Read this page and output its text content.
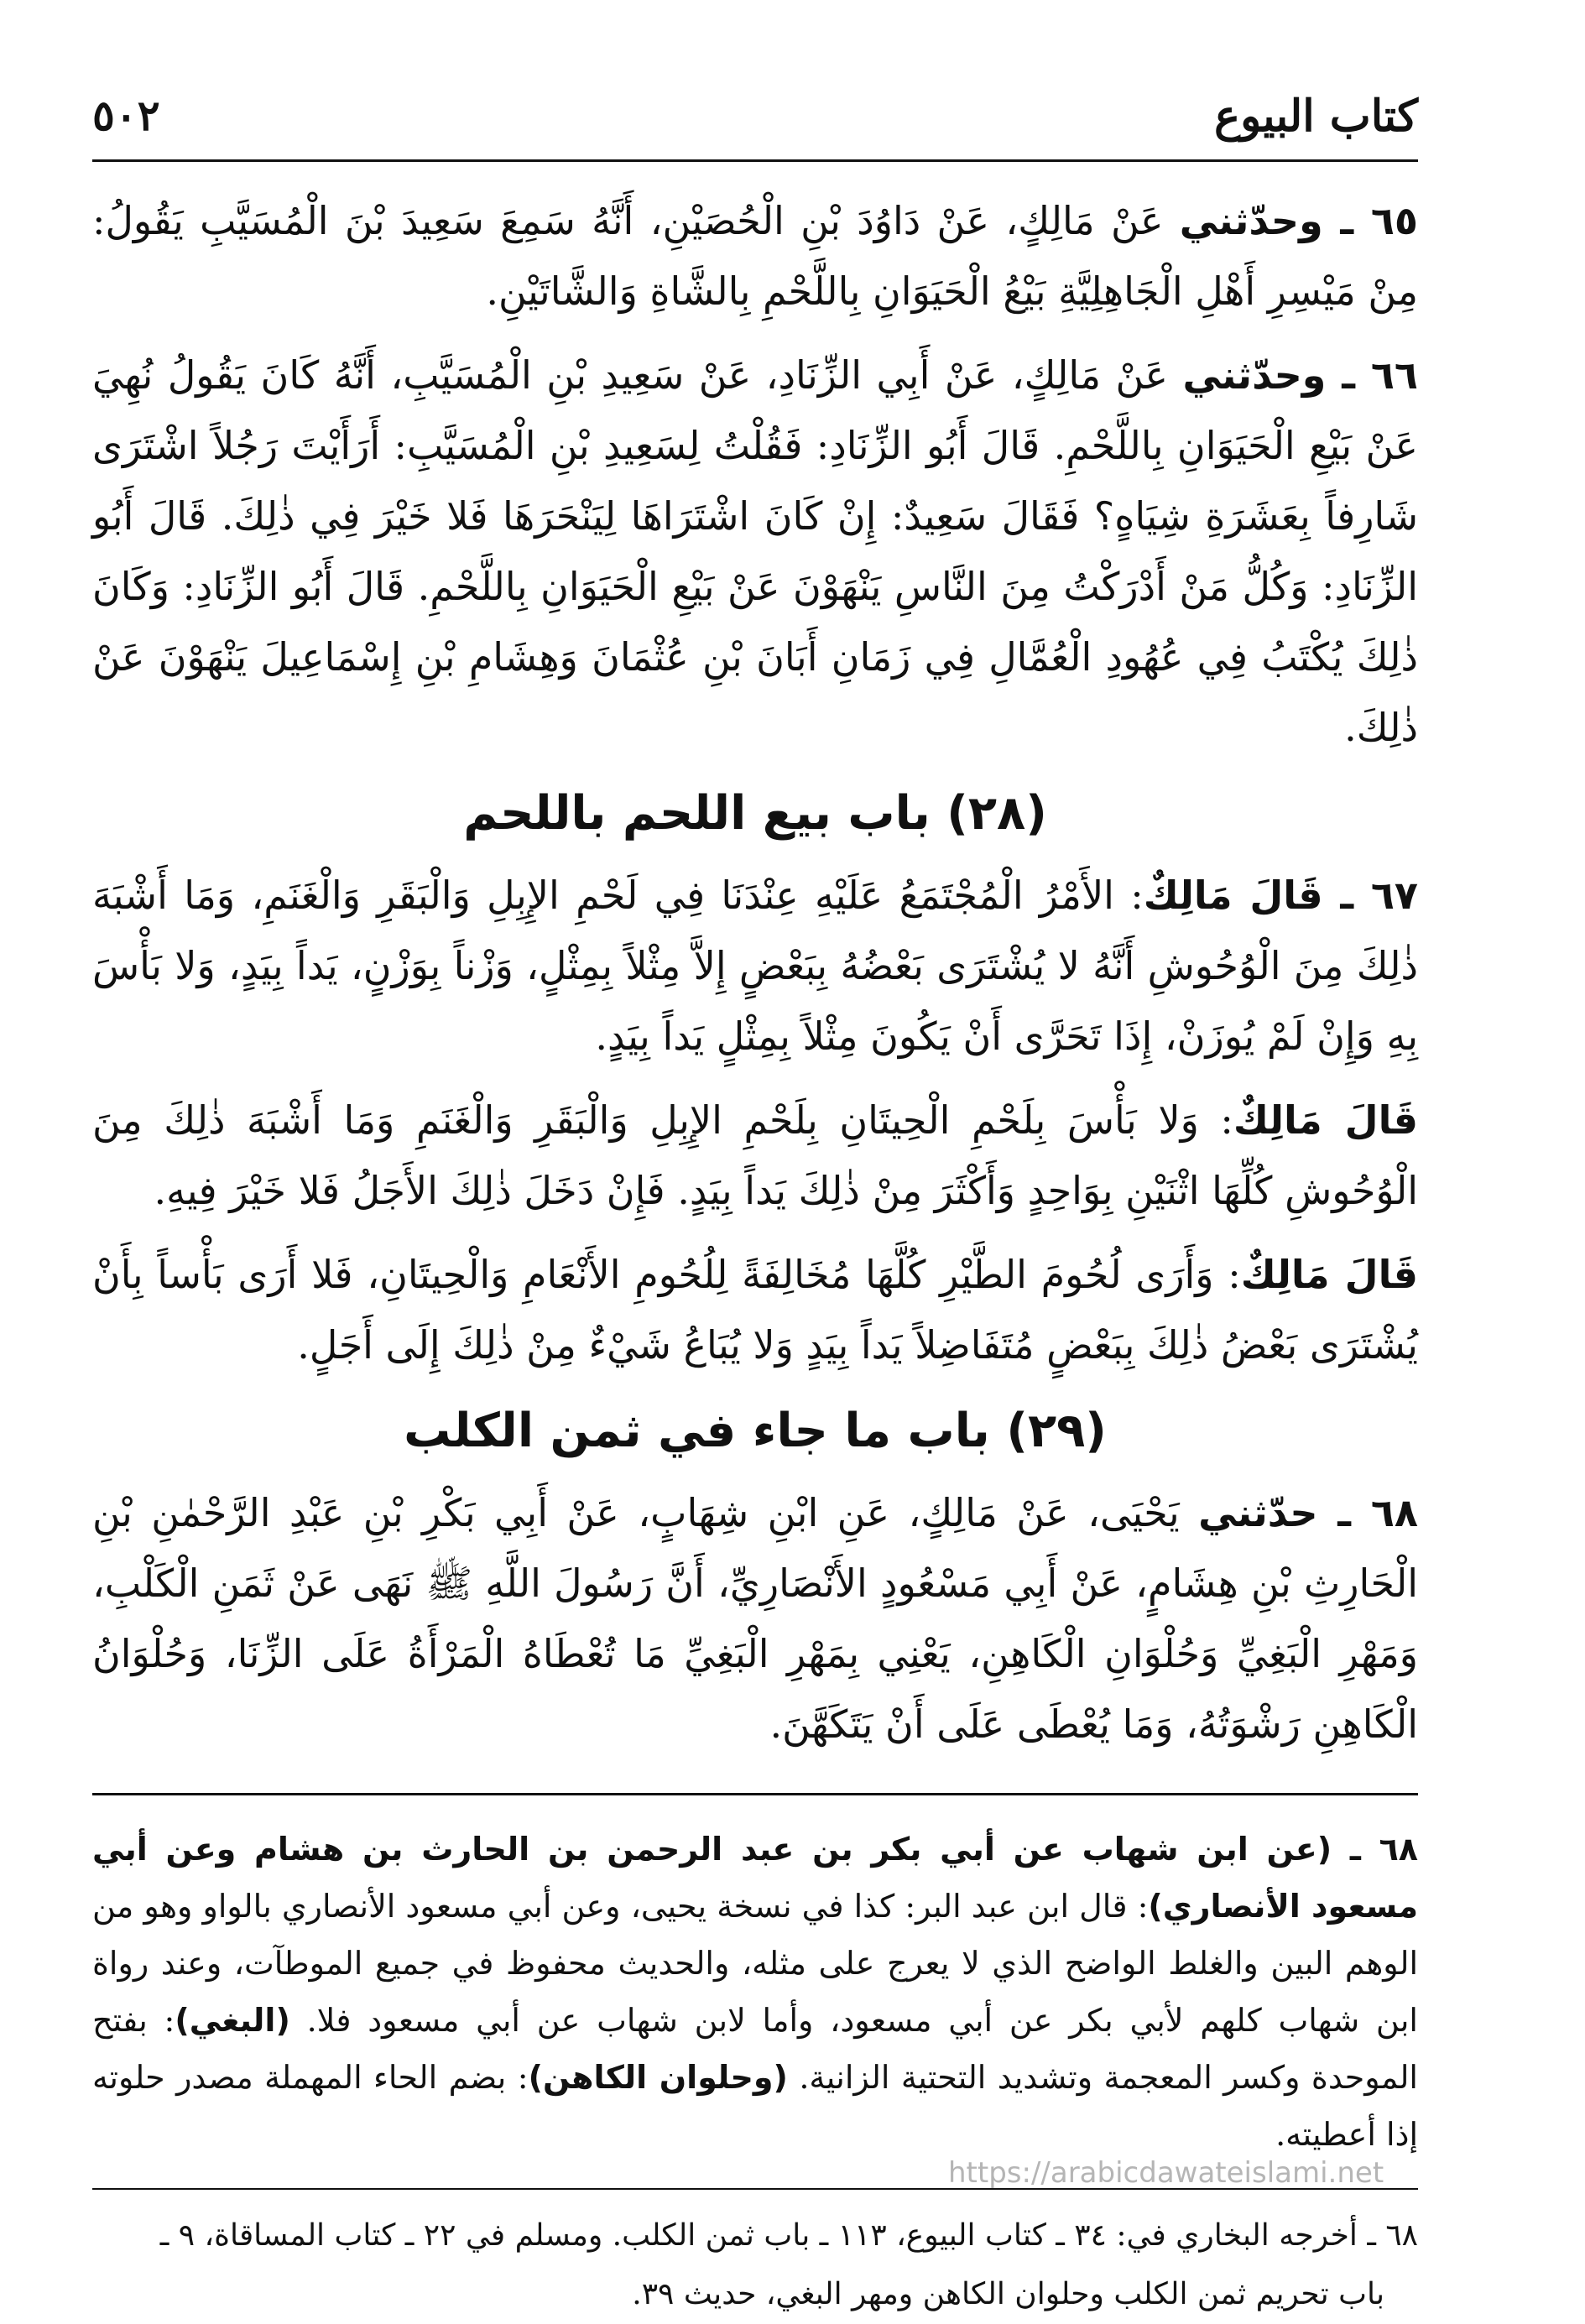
كتاب البيوع
٥٠٢

٦٥ ـ وحدّثني عَنْ مَالِكٍ، عَنْ دَاوُدَ بْنِ الْحُصَيْنِ، أَنَّهُ سَمِعَ سَعِيدَ بْنَ الْمُسَيَّبِ يَقُولُ: مِنْ مَيْسِرِ أَهْلِ الْجَاهِلِيَّةِ بَيْعُ الْحَيَوَانِ بِاللَّحْمِ بِالشَّاةِ وَالشَّاتَيْنِ.

٦٦ ـ وحدّثني عَنْ مَالِكٍ، عَنْ أَبِي الزِّنَادِ، عَنْ سَعِيدِ بْنِ الْمُسَيَّبِ، أَنَّهُ كَانَ يَقُولُ نُهِيَ عَنْ بَيْعِ الْحَيَوَانِ بِاللَّحْمِ. قَالَ أَبُو الزِّنَادِ: فَقُلْتُ لِسَعِيدِ بْنِ الْمُسَيَّبِ: أَرَأَيْتَ رَجُلاً اشْتَرَى شَارِفاً بِعَشَرَةِ شِيَاهٍ؟ فَقَالَ سَعِيدٌ: إِنْ كَانَ اشْتَرَاهَا لِيَنْحَرَهَا فَلا خَيْرَ فِي ذٰلِكَ. قَالَ أَبُو الزِّنَادِ: وَكُلُّ مَنْ أَدْرَكْتُ مِنَ النَّاسِ يَنْهَوْنَ عَنْ بَيْعِ الْحَيَوَانِ بِاللَّحْمِ. قَالَ أَبُو الزِّنَادِ: وَكَانَ ذٰلِكَ يُكْتَبُ فِي عُهُودِ الْعُمَّالِ فِي زَمَانِ أَبَانَ بْنِ عُثْمَانَ وَهِشَامِ بْنِ إِسْمَاعِيلَ يَنْهَوْنَ عَنْ ذٰلِكَ.

(٢٨) باب بيع اللحم باللحم

٦٧ ـ قَالَ مَالِكٌ: الأَمْرُ الْمُجْتَمَعُ عَلَيْهِ عِنْدَنَا فِي لَحْمِ الإِبِلِ وَالْبَقَرِ وَالْغَنَمِ، وَمَا أَشْبَهَ ذٰلِكَ مِنَ الْوُحُوشِ أَنَّهُ لا يُشْتَرَى بَعْضُهُ بِبَعْضٍ إِلاَّ مِثْلاً بِمِثْلٍ، وَزْناً بِوَزْنٍ، يَداً بِيَدٍ، وَلا بَأْسَ بِهِ وَإِنْ لَمْ يُوزَنْ، إِذَا تَحَرَّى أَنْ يَكُونَ مِثْلاً بِمِثْلٍ يَداً بِيَدٍ.

قَالَ مَالِكٌ: وَلا بَأْسَ بِلَحْمِ الْحِيتَانِ بِلَحْمِ الإِبِلِ وَالْبَقَرِ وَالْغَنَمِ وَمَا أَشْبَهَ ذٰلِكَ مِنَ الْوُحُوشِ كُلِّهَا اثْنَيْنِ بِوَاحِدٍ وَأَكْثَرَ مِنْ ذٰلِكَ يَداً بِيَدٍ. فَإِنْ دَخَلَ ذٰلِكَ الأَجَلُ فَلا خَيْرَ فِيهِ.

قَالَ مَالِكٌ: وَأَرَى لُحُومَ الطَّيْرِ كُلَّهَا مُخَالِفَةً لِلُحُومِ الأَنْعَامِ وَالْحِيتَانِ، فَلا أَرَى بَأْساً بِأَنْ يُشْتَرَى بَعْضُ ذٰلِكَ بِبَعْضٍ مُتَفَاضِلاً يَداً بِيَدٍ وَلا يُبَاعُ شَيْءٌ مِنْ ذٰلِكَ إِلَى أَجَلٍ.

(٢٩) باب ما جاء في ثمن الكلب

٦٨ ـ حدّثني يَحْيَى، عَنْ مَالِكٍ، عَنِ ابْنِ شِهَابٍ، عَنْ أَبِي بَكْرِ بْنِ عَبْدِ الرَّحْمٰنِ بْنِ الْحَارِثِ بْنِ هِشَامٍ، عَنْ أَبِي مَسْعُودٍ الأَنْصَارِيِّ، أَنَّ رَسُولَ اللَّهِ ﷺ نَهَى عَنْ ثَمَنِ الْكَلْبِ، وَمَهْرِ الْبَغِيِّ وَحُلْوَانِ الْكَاهِنِ، يَعْنِي بِمَهْرِ الْبَغِيِّ مَا تُعْطَاهُ الْمَرْأَةُ عَلَى الزِّنَا، وَحُلْوَانُ الْكَاهِنِ رَشْوَتُهُ، وَمَا يُعْطَى عَلَى أَنْ يَتَكَهَّنَ.

٦٨ ـ (عن ابن شهاب عن أبي بكر بن عبد الرحمن بن الحارث بن هشام وعن أبي مسعود الأنصاري): قال ابن عبد البر: كذا في نسخة يحيى، وعن أبي مسعود الأنصاري بالواو وهو من الوهم البين والغلط الواضح الذي لا يعرج على مثله، والحديث محفوظ في جميع الموطآت، وعند رواة ابن شهاب كلهم لأبي بكر عن أبي مسعود، وأما لابن شهاب عن أبي مسعود فلا. (البغي): بفتح الموحدة وكسر المعجمة وتشديد التحتية الزانية. (وحلوان الكاهن): بضم الحاء المهملة مصدر حلوته إذا أعطيته.

٦٨ ـ أخرجه البخاري في: ٣٤ ـ كتاب البيوع، ١١٣ ـ باب ثمن الكلب. ومسلم في ٢٢ ـ كتاب المساقاة، ٩ ـ

باب تحريم ثمن الكلب وحلوان الكاهن ومهر البغي، حديث ٣٩.

https://arabicdawateislami.net
